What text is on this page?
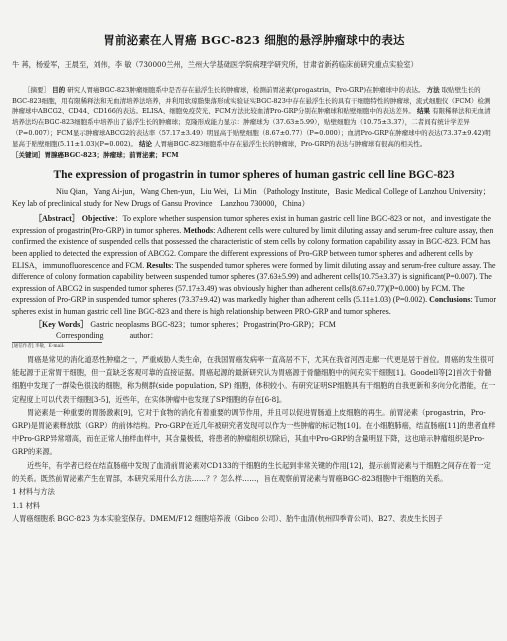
胃前泌素在人胃癌 BGC-823 细胞的悬浮肿瘤球中的表达

牛 苒，杨爱军，王晨至，刘伟，李 敏（730000兰州，兰州大学基础医学院病理学研究所，甘肃省新药临床前研究重点实验室）

［摘要］ 目的 研究人胃癌BGC-823肿瘤细胞系中是否存在悬浮生长的肿瘤球，检测前胃泌素(progastrin，Pro-GRP)在肿瘤球中的表达。 方法 取贴壁生长的BGC-823细胞，用有限稀释法和无血清培养法培养，并利用软琼脂集落形成实验证实BGC-823中存在悬浮生长的具有干细胞特性的肿瘤球，流式细胞仪（FCM）检测肿瘤球中ABCG2、CD44、CD166的表达。ELISA、细胞免疫荧光、FCM方法比较血清Pro-GRP分别在肿瘤球和贴壁细胞中的表达差异。 结果 有限稀释法和无血清培养法均在BGC-823细胞系中培养出了悬浮生长的肿瘤球；克隆形成能力显示：肿瘤球为（37.63±5.99），贴壁细胞为（10.75±3.37），二者间有统计学差异（P=0.007）；FCM显示肿瘤球ABCG2的表达率（57.17±3.49）明显高于贴壁细胞（8.67±0.77）（P=0.000）；血清Pro-GRP在肿瘤球中的表达(73.37±9.42)明显高于贴壁细胞(5.11±1.03)(P=0.002)。 结论 人胃癌BGC-823细胞系中存在悬浮生长的肿瘤球，Pro-GRP的表达与肿瘤球有很高的相关性。

［关键词］胃腺癌BGC-823；肿瘤球；前胃泌素；FCM

The expression of progastrin in tumor spheres of human gastric cell line BGC-823

Niu Qian，Yang Ai-jun，Wang Chen-yun，Liu Wei，Li Min （Pathology Institute，Basic Medical College of Lanzhou University；Key lab of preclinical study for New Drugs of Gansu Province　Lanzhou 730000，China）

［Abstract］ Objective：To explore whether suspension tumor spheres exist in human gastric cell line BGC-823 or not，and investigate the expression of progastrin(Pro-GRP) in tumor spheres. Methods: Adherent cells were cultured by limit diluting assay and serum-free culture assay, then confirmed the existence of suspended cells that possessed the characteristic of stem cells by colony formation capability assay in BGC-823. FCM has been applied to detected the expression of ABCG2. Compare the different expressions of Pro-GRP between tumor spheres and adherent cells by ELISA，immunofluorescence and FCM. Results: The suspended tumor spheres were formed by limit diluting assay and serum-free culture assay. The difference of colony formation capability between suspended tumor spheres (37.63±5.99) and adherent cells(10.75±3.37) is significant(P=0.007). The expression of ABCG2 in suspended tumor spheres (57.17±3.49) was obviously higher than adherent cells(8.67±0.77)(P=0.000) by FCM. The expression of Pro-GRP in suspended tumor spheres (73.37±9.42) was markedly higher than adherent cells (5.11±1.03) (P=0.002). Conclusions: Tumor spheres exist in human gastric cell line BGC-823 and there is high relationship between PRO-GRP and tumor spheres.

［Key Words］ Gastric neoplasms BGC-823；tumor spheres；Progastrin(Pro-GRP)；FCM

Corresponding	author：

[通信作者] 李敏，E-mail:

胃癌是常见的消化道恶性肿瘤之一，严重威胁人类生命，在我国胃癌发病率一直高居不下，尤其在我省河西走廊一代更是居于首位。胃癌的发生很可能起源于正常胃干细胞，但一直缺乏客观可靠的直接证据。胃癌起源的最新研究认为胃癌源于骨髓细胞中的间充实干细胞[1]。Goodell等[2]首次于骨髓细胞中发现了一群染色很浅的细胞，称为侧群(side population, SP) 细胞，体积较小。有研究证明SP细胞具有干细胞的自我更新和多向分化潜能，在一定程度上可以代表干细胞[3-5]，近些年，在实体肿瘤中也发现了SP细胞的存在[6-8]。

胃泌素是一种重要的胃肠激素[9]，它对于食物的消化有着重要的调节作用，并且可以促进胃肠道上皮细胞的再生。前胃泌素（progastrin，Pro-GRP)是胃泌素释放肽（GRP）的前体结构。Pro-GRP在近几年被研究者发现可以作为一些肿瘤的标记物[10]。在小细胞肺癌，结直肠癌[11]的患者血样中Pro-GRP异常增高，而在正常人抽样血样中，其含量极低，将患者的肿瘤组织切除后，其血中Pro-GRP的含量明显下降，这也暗示肿瘤组织是Pro-GRP的来源。

近些年，有学者已经在结直肠癌中发现了血清前胃泌素对CD133的干细胞的生长起到非常关键的作用[12]，提示前胃泌素与干细胞之间存在着一定的关系。既然前胃泌素产生在胃部，本研究采用什么方法……？？怎么样……，旨在观察前胃泌素与胃癌BGC-823细胞中干细胞的关系。

1 材料与方法

1.1 材料

人胃癌细胞系 BGC-823 为本实验室保存。DMEM/F12 细胞培养液（Gibco 公司）、胎牛血清(杭州四季青公司)、B27、表皮生长因子
